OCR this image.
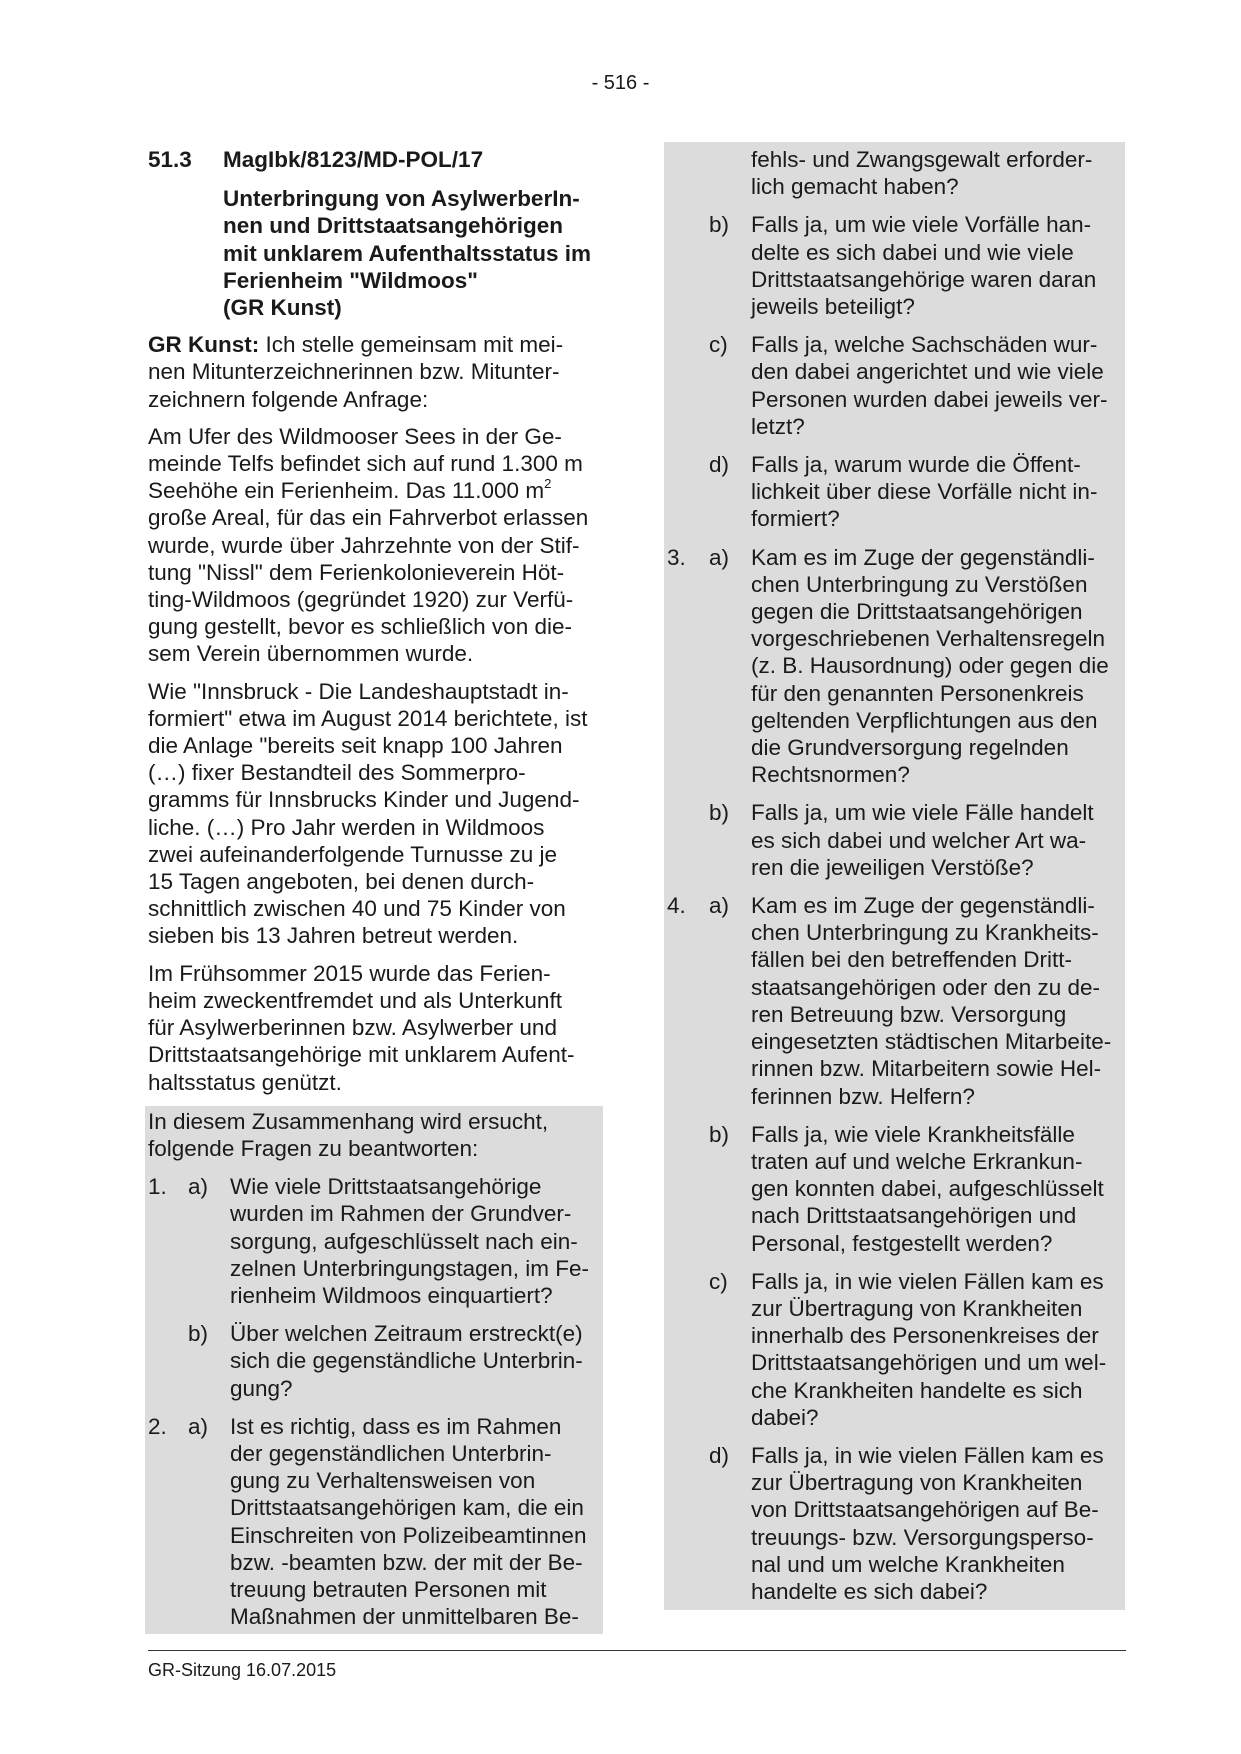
- 516 -
51.3 MagIbk/8123/MD-POL/17
Unterbringung von AsylwerberIn-
nen und Drittstaatsangehörigen
mit unklarem Aufenthaltsstatus im
Ferienheim "Wildmoos"
(GR Kunst)

GR Kunst: Ich stelle gemeinsam mit mei-
nen Mitunterzeichnerinnen bzw. Mitunter-
zeichnern folgende Anfrage:

Am Ufer des Wildmooser Sees in der Ge-
meinde Telfs befindet sich auf rund 1.300 m
Seehöhe ein Ferienheim. Das 11.000 $m^2$
große Areal, für das ein Fahrverbot erlassen
wurde, wurde über Jahrzehnte von der Stif-
tung "Nissl" dem Ferienkolonieverein Höt-
ting-Wildmoos (gegründet 1920) zur Verfü-
gung gestellt, bevor es schließlich von die-
sem Verein übernommen wurde.

Wie "Innsbruck - Die Landeshauptstadt in-
formiert" etwa im August 2014 berichtete, ist
die Anlage "bereits seit knapp 100 Jahren
(…) fixer Bestandteil des Sommerpro-
gramms für Innsbrucks Kinder und Jugend-
liche. (…) Pro Jahr werden in Wildmoos
zwei aufeinanderfolgende Turnusse zu je
15 Tagen angeboten, bei denen durch-
schnittlich zwischen 40 und 75 Kinder von
sieben bis 13 Jahren betreut werden.

Im Frühsommer 2015 wurde das Ferien-
heim zweckentfremdet und als Unterkunft
für Asylwerberinnen bzw. Asylwerber und
Drittstaatsangehörige mit unklarem Aufent-
haltsstatus genützt.

In diesem Zusammenhang wird ersucht,
folgende Fragen zu beantworten:

1. a) Wie viele Drittstaatsangehörige
wurden im Rahmen der Grundver-
sorgung, aufgeschlüsselt nach ein-
zelnen Unterbringungstagen, im Fe-
rienheim Wildmoos einquartiert?
b) Über welchen Zeitraum erstreckt(e)
sich die gegenständliche Unterbrin-
gung?
2. a) Ist es richtig, dass es im Rahmen
der gegenständlichen Unterbrin-
gung zu Verhaltensweisen von
Drittstaatsangehörigen kam, die ein
Einschreiten von Polizeibeamtinnen
bzw. -beamten bzw. der mit der Be-
treuung betrauten Personen mit
Maßnahmen der unmittelbaren Be-
fehls- und Zwangsgewalt erforder-
lich gemacht haben?
b) Falls ja, um wie viele Vorfälle han-
delte es sich dabei und wie viele
Drittstaatsangehörige waren daran
jeweils beteiligt?
c)	Falls ja, welche Sachschäden wur-
den dabei angerichtet und wie viele
Personen wurden dabei jeweils ver-
letzt?
d) Falls ja, warum wurde die Öffent-
lichkeit über diese Vorfälle nicht in-
formiert?
3.	a) Kam es im Zuge der gegenständli-
chen Unterbringung zu Verstößen
gegen die Drittstaatsangehörigen
vorgeschriebenen Verhaltensregeln
(z. B. Hausordnung) oder gegen die
für den genannten Personenkreis
geltenden Verpflichtungen aus den
die Grundversorgung regelnden
Rechtsnormen?
b) Falls ja, um wie viele Fälle handelt
es sich dabei und welcher Art wa-
ren die jeweiligen Verstöße?
4.	a) Kam es im Zuge der gegenständli-
chen Unterbringung zu Krankheits-
fällen bei den betreffenden Dritt-
staatsangehörigen oder den zu de-
ren Betreuung bzw. Versorgung
eingesetzten städtischen Mitarbeite-
rinnen bzw. Mitarbeitern sowie Hel-
ferinnen bzw. Helfern?
b) Falls ja, wie viele Krankheitsfälle
traten auf und welche Erkrankun-
gen konnten dabei, aufgeschlüsselt
nach Drittstaatsangehörigen und
Personal, festgestellt werden?
c)	Falls ja, in wie vielen Fällen kam es
zur Übertragung von Krankheiten
innerhalb des Personenkreises der
Drittstaatsangehörigen und um wel-
che Krankheiten handelte es sich
dabei?
d) Falls ja, in wie vielen Fällen kam es
zur Übertragung von Krankheiten
von Drittstaatsangehörigen auf Be-
treuungs- bzw. Versorgungsperso-
nal und um welche Krankheiten
handelte es sich dabei?
GR-Sitzung 16.07.2015
